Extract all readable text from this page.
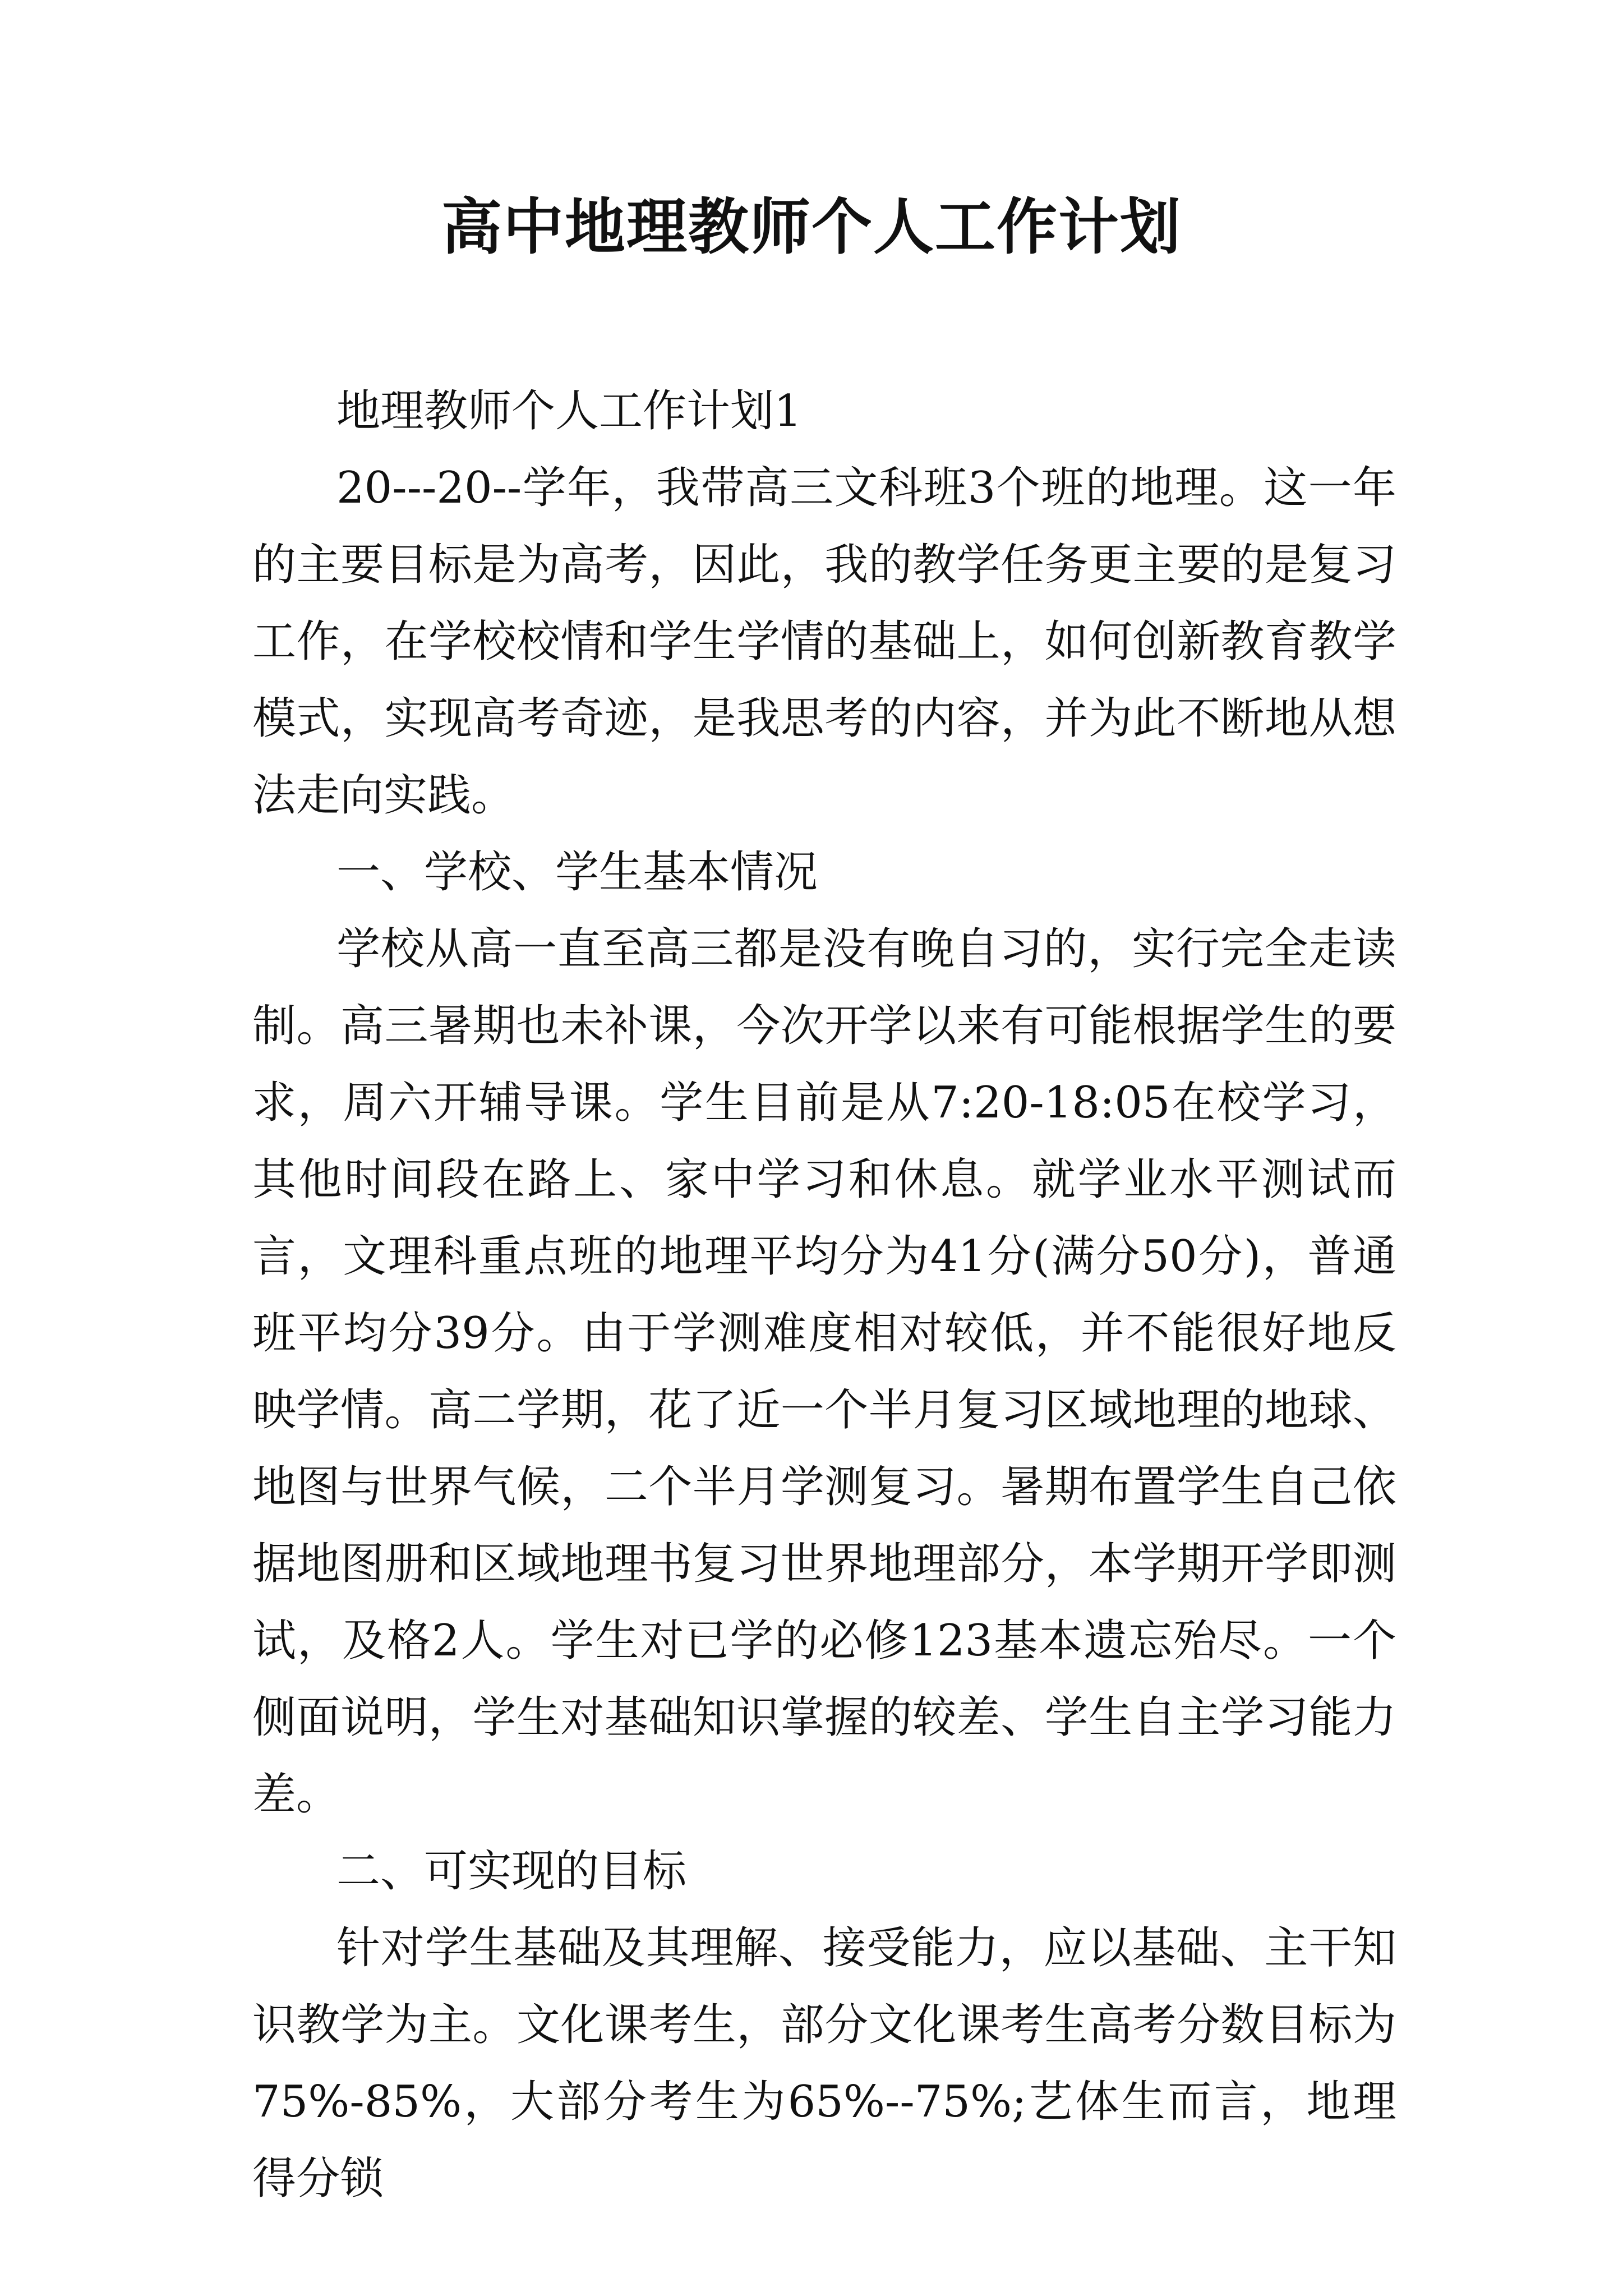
高中地理教师个人工作计划

地理教师个人工作计划1

20---20--学年，我带高三文科班3个班的地理。这一年的主要目标是为高考，因此，我的教学任务更主要的是复习工作，在学校校情和学生学情的基础上，如何创新教育教学模式，实现高考奇迹，是我思考的内容，并为此不断地从想法走向实践。

一、学校、学生基本情况

学校从高一直至高三都是没有晚自习的，实行完全走读制。高三暑期也未补课，今次开学以来有可能根据学生的要求，周六开辅导课。学生目前是从7:20-18:05在校学习，其他时间段在路上、家中学习和休息。就学业水平测试而言，文理科重点班的地理平均分为41分(满分50分)，普通班平均分39分。由于学测难度相对较低，并不能很好地反映学情。高二学期，花了近一个半月复习区域地理的地球、地图与世界气候，二个半月学测复习。暑期布置学生自己依据地图册和区域地理书复习世界地理部分，本学期开学即测试，及格2人。学生对已学的必修123基本遗忘殆尽。一个侧面说明，学生对基础知识掌握的较差、学生自主学习能力差。

二、可实现的目标

针对学生基础及其理解、接受能力，应以基础、主干知识教学为主。文化课考生，部分文化课考生高考分数目标为75%-85%，大部分考生为65%--75%;艺体生而言，地理得分锁
